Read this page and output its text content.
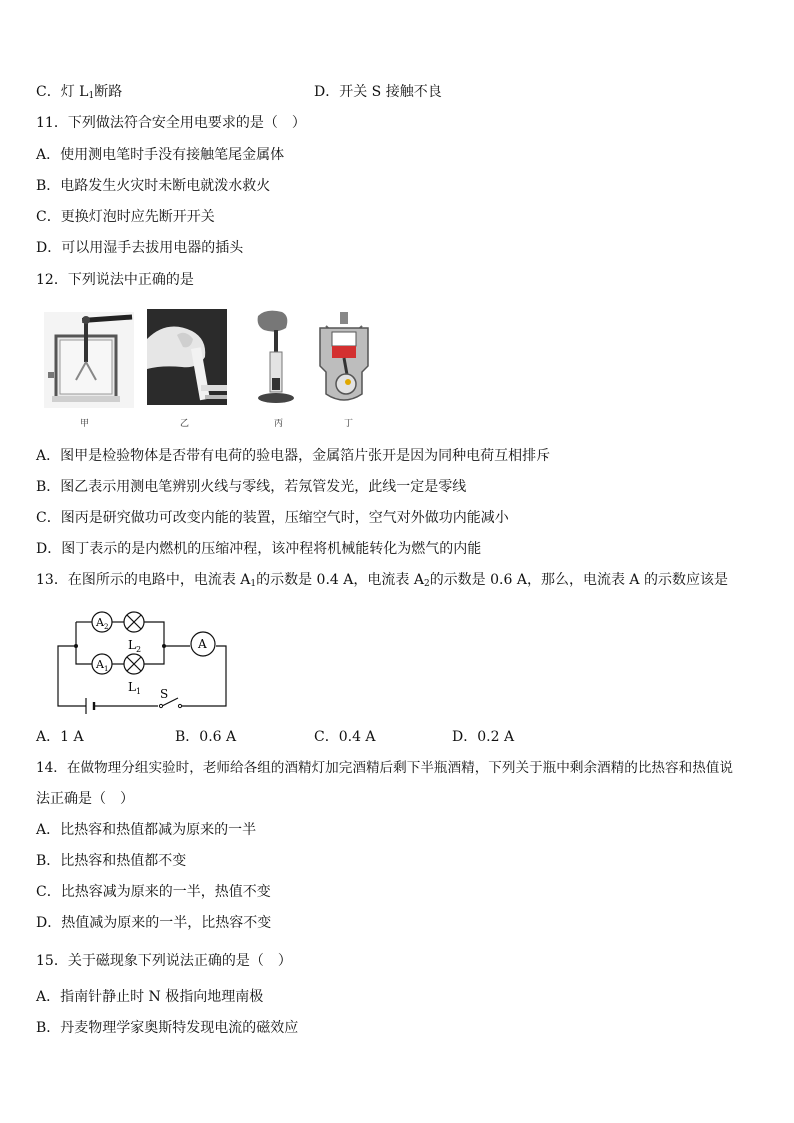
C．灯 $L_1$断路	D．开关 S 接触不良
11．下列做法符合安全用电要求的是（　）
A．使用测电笔时手没有接触笔尾金属体
B．电路发生火灾时未断电就泼水救火
C．更换灯泡时应先断开开关
D．可以用湿手去拔用电器的插头
12．下列说法中正确的是
甲	乙	丙	丁
A．图甲是检验物体是否带有电荷的验电器，金属箔片张开是因为同种电荷互相排斥
B．图乙表示用测电笔辨别火线与零线，若氖管发光，此线一定是零线
C．图丙是研究做功可改变内能的装置，压缩空气时，空气对外做功内能减小
D．图丁表示的是内燃机的压缩冲程，该冲程将机械能转化为燃气的内能
13．在图所示的电路中，电流表 $A_1$的示数是 0.4 A，电流表 $A_2$的示数是 0.6 A，那么，电流表 A 的示数应该是
A 2
L 2
A 1
L 1
A
S
A．1 A	B．0.6 A	C．0.4 A	D．0.2 A
14．在做物理分组实验时，老师给各组的酒精灯加完酒精后剩下半瓶酒精，下列关于瓶中剩余酒精的比热容和热值说
法正确是（　）
A．比热容和热值都减为原来的一半
B．比热容和热值都不变
C．比热容减为原来的一半，热值不变
D．热值减为原来的一半，比热容不变
15．关于磁现象下列说法正确的是（　）
A．指南针静止时 N 极指向地理南极
B．丹麦物理学家奥斯特发现电流的磁效应
